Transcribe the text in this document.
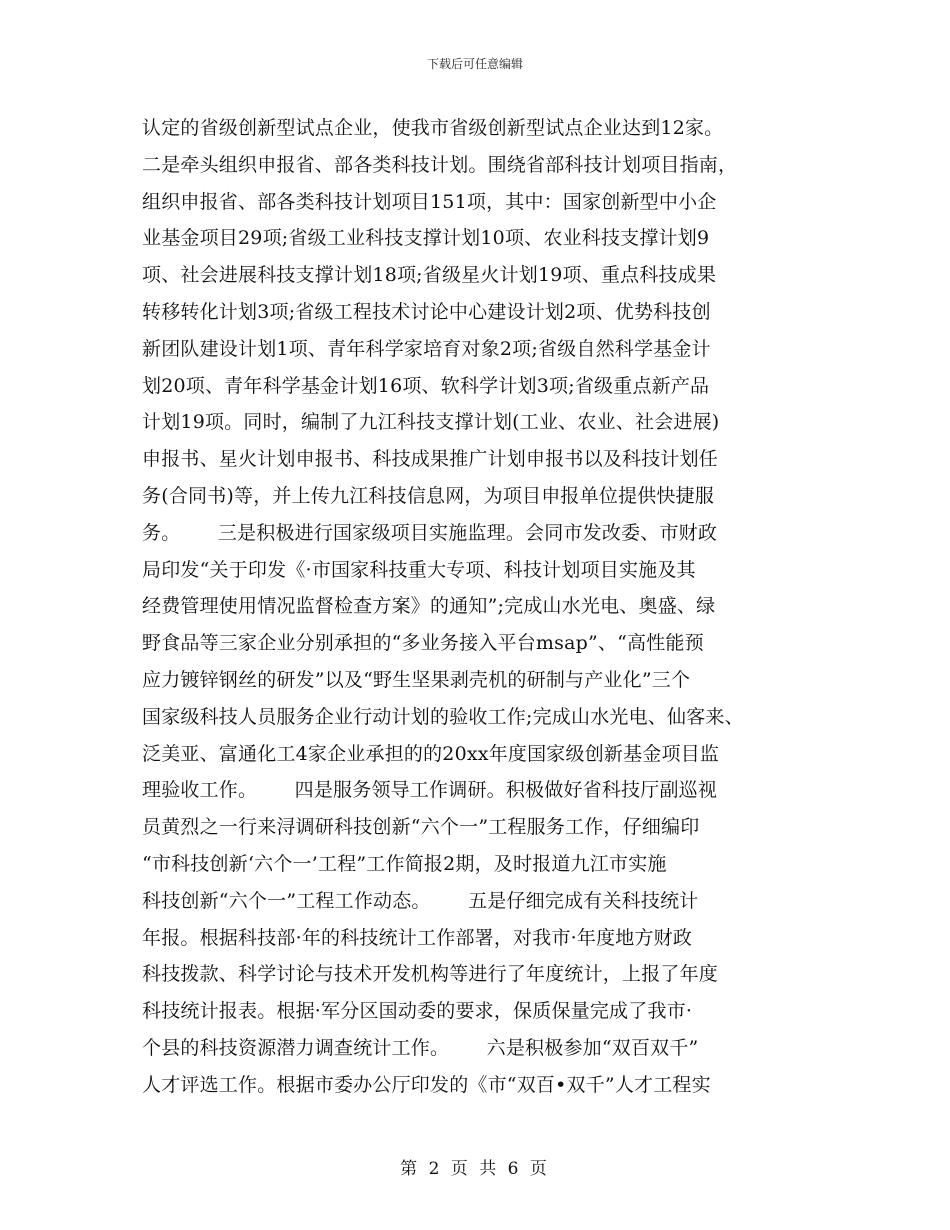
下载后可任意编辑
认定的省级创新型试点企业，使我市省级创新型试点企业达到12家。
二是牵头组织申报省、部各类科技计划。围绕省部科技计划项目指南，
组织申报省、部各类科技计划项目151项，其中：国家创新型中小企
业基金项目29项;省级工业科技支撑计划10项、农业科技支撑计划9
项、社会进展科技支撑计划18项;省级星火计划19项、重点科技成果
转移转化计划3项;省级工程技术讨论中心建设计划2项、优势科技创
新团队建设计划1项、青年科学家培育对象2项;省级自然科学基金计
划20项、青年科学基金计划16项、软科学计划3项;省级重点新产品
计划19项。同时，编制了九江科技支撑计划(工业、农业、社会进展)
申报书、星火计划申报书、科技成果推广计划申报书以及科技计划任
务(合同书)等，并上传九江科技信息网，为项目申报单位提供快捷服
务。      三是积极进行国家级项目实施监理。会同市发改委、市财政
局印发“关于印发《·市国家科技重大专项、科技计划项目实施及其
经费管理使用情况监督检查方案》的通知”;完成山水光电、奥盛、绿
野食品等三家企业分别承担的“多业务接入平台msap”、“高性能预
应力镀锌钢丝的研发”以及“野生坚果剥壳机的研制与产业化”三个
国家级科技人员服务企业行动计划的验收工作;完成山水光电、仙客来、
泛美亚、富通化工4家企业承担的的20xx年度国家级创新基金项目监
理验收工作。      四是服务领导工作调研。积极做好省科技厅副巡视
员黄烈之一行来浔调研科技创新“六个一”工程服务工作，仔细编印
“市科技创新‘六个一’工程”工作简报2期，及时报道九江市实施
科技创新“六个一”工程工作动态。      五是仔细完成有关科技统计
年报。根据科技部·年的科技统计工作部署，对我市·年度地方财政
科技拨款、科学讨论与技术开发机构等进行了年度统计，上报了年度
科技统计报表。根据·军分区国动委的要求，保质保量完成了我市·
个县的科技资源潜力调查统计工作。      六是积极参加“双百双千”
人才评选工作。根据市委办公厅印发的《市“双百•双千”人才工程实
第 2 页 共 6 页
